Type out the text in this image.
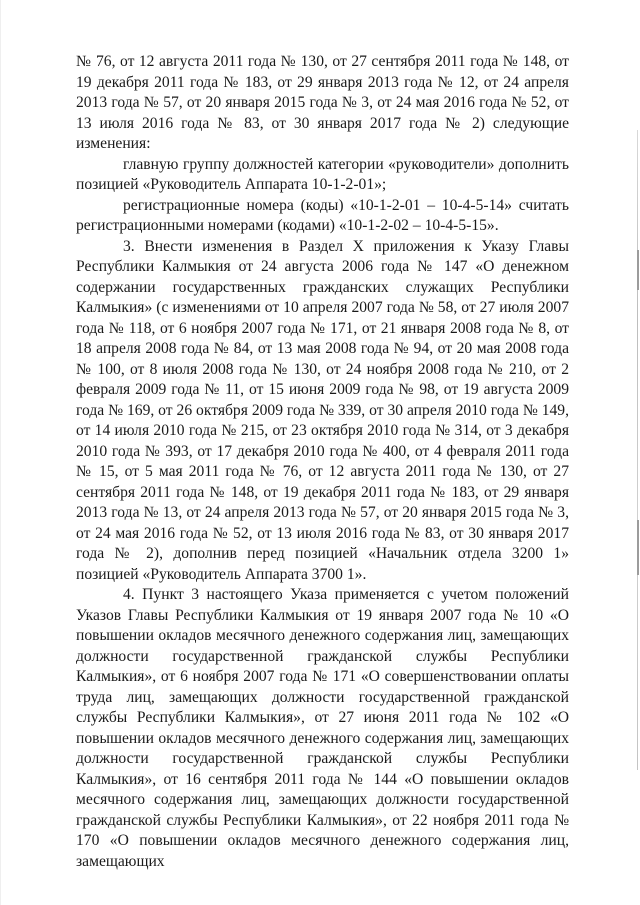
№ 76, от 12 августа 2011 года № 130, от 27 сентября 2011 года № 148, от 19 декабря 2011 года № 183, от 29 января 2013 года № 12, от 24 апреля 2013 года № 57, от 20 января 2015 года № 3, от 24 мая 2016 года № 52, от 13 июля 2016 года № 83, от 30 января 2017 года № 2) следующие изменения:

главную группу должностей категории «руководители» дополнить позицией «Руководитель Аппарата 10-1-2-01»;

регистрационные номера (коды) «10-1-2-01 – 10-4-5-14» считать регистрационными номерами (кодами) «10-1-2-02 – 10-4-5-15».

3. Внести изменения в Раздел X приложения к Указу Главы Республики Калмыкия от 24 августа 2006 года № 147 «О денежном содержании государственных гражданских служащих Республики Калмыкия» (с изменениями от 10 апреля 2007 года № 58, от 27 июля 2007 года № 118, от 6 ноября 2007 года № 171, от 21 января 2008 года № 8, от 18 апреля 2008 года № 84, от 13 мая 2008 года № 94, от 20 мая 2008 года № 100, от 8 июля 2008 года № 130, от 24 ноября 2008 года № 210, от 2 февраля 2009 года № 11, от 15 июня 2009 года № 98, от 19 августа 2009 года № 169, от 26 октября 2009 года № 339, от 30 апреля 2010 года № 149, от 14 июля 2010 года № 215, от 23 октября 2010 года № 314, от 3 декабря 2010 года № 393, от 17 декабря 2010 года № 400, от 4 февраля 2011 года № 15, от 5 мая 2011 года № 76, от 12 августа 2011 года № 130, от 27 сентября 2011 года № 148, от 19 декабря 2011 года № 183, от 29 января 2013 года № 13, от 24 апреля 2013 года № 57, от 20 января 2015 года № 3, от 24 мая 2016 года № 52, от 13 июля 2016 года № 83, от 30 января 2017 года № 2), дополнив перед позицией «Начальник отдела 3200 1» позицией «Руководитель Аппарата 3700 1».

4. Пункт 3 настоящего Указа применяется с учетом положений Указов Главы Республики Калмыкия от 19 января 2007 года № 10 «О повышении окладов месячного денежного содержания лиц, замещающих должности государственной гражданской службы Республики Калмыкия», от 6 ноября 2007 года № 171 «О совершенствовании оплаты труда лиц, замещающих должности государственной гражданской службы Республики Калмыкия», от 27 июня 2011 года № 102 «О повышении окладов месячного денежного содержания лиц, замещающих должности государственной гражданской службы Республики Калмыкия», от 16 сентября 2011 года № 144 «О повышении окладов месячного содержания лиц, замещающих должности государственной гражданской службы Республики Калмыкия», от 22 ноября 2011 года № 170 «О повышении окладов месячного денежного содержания лиц, замещающих
